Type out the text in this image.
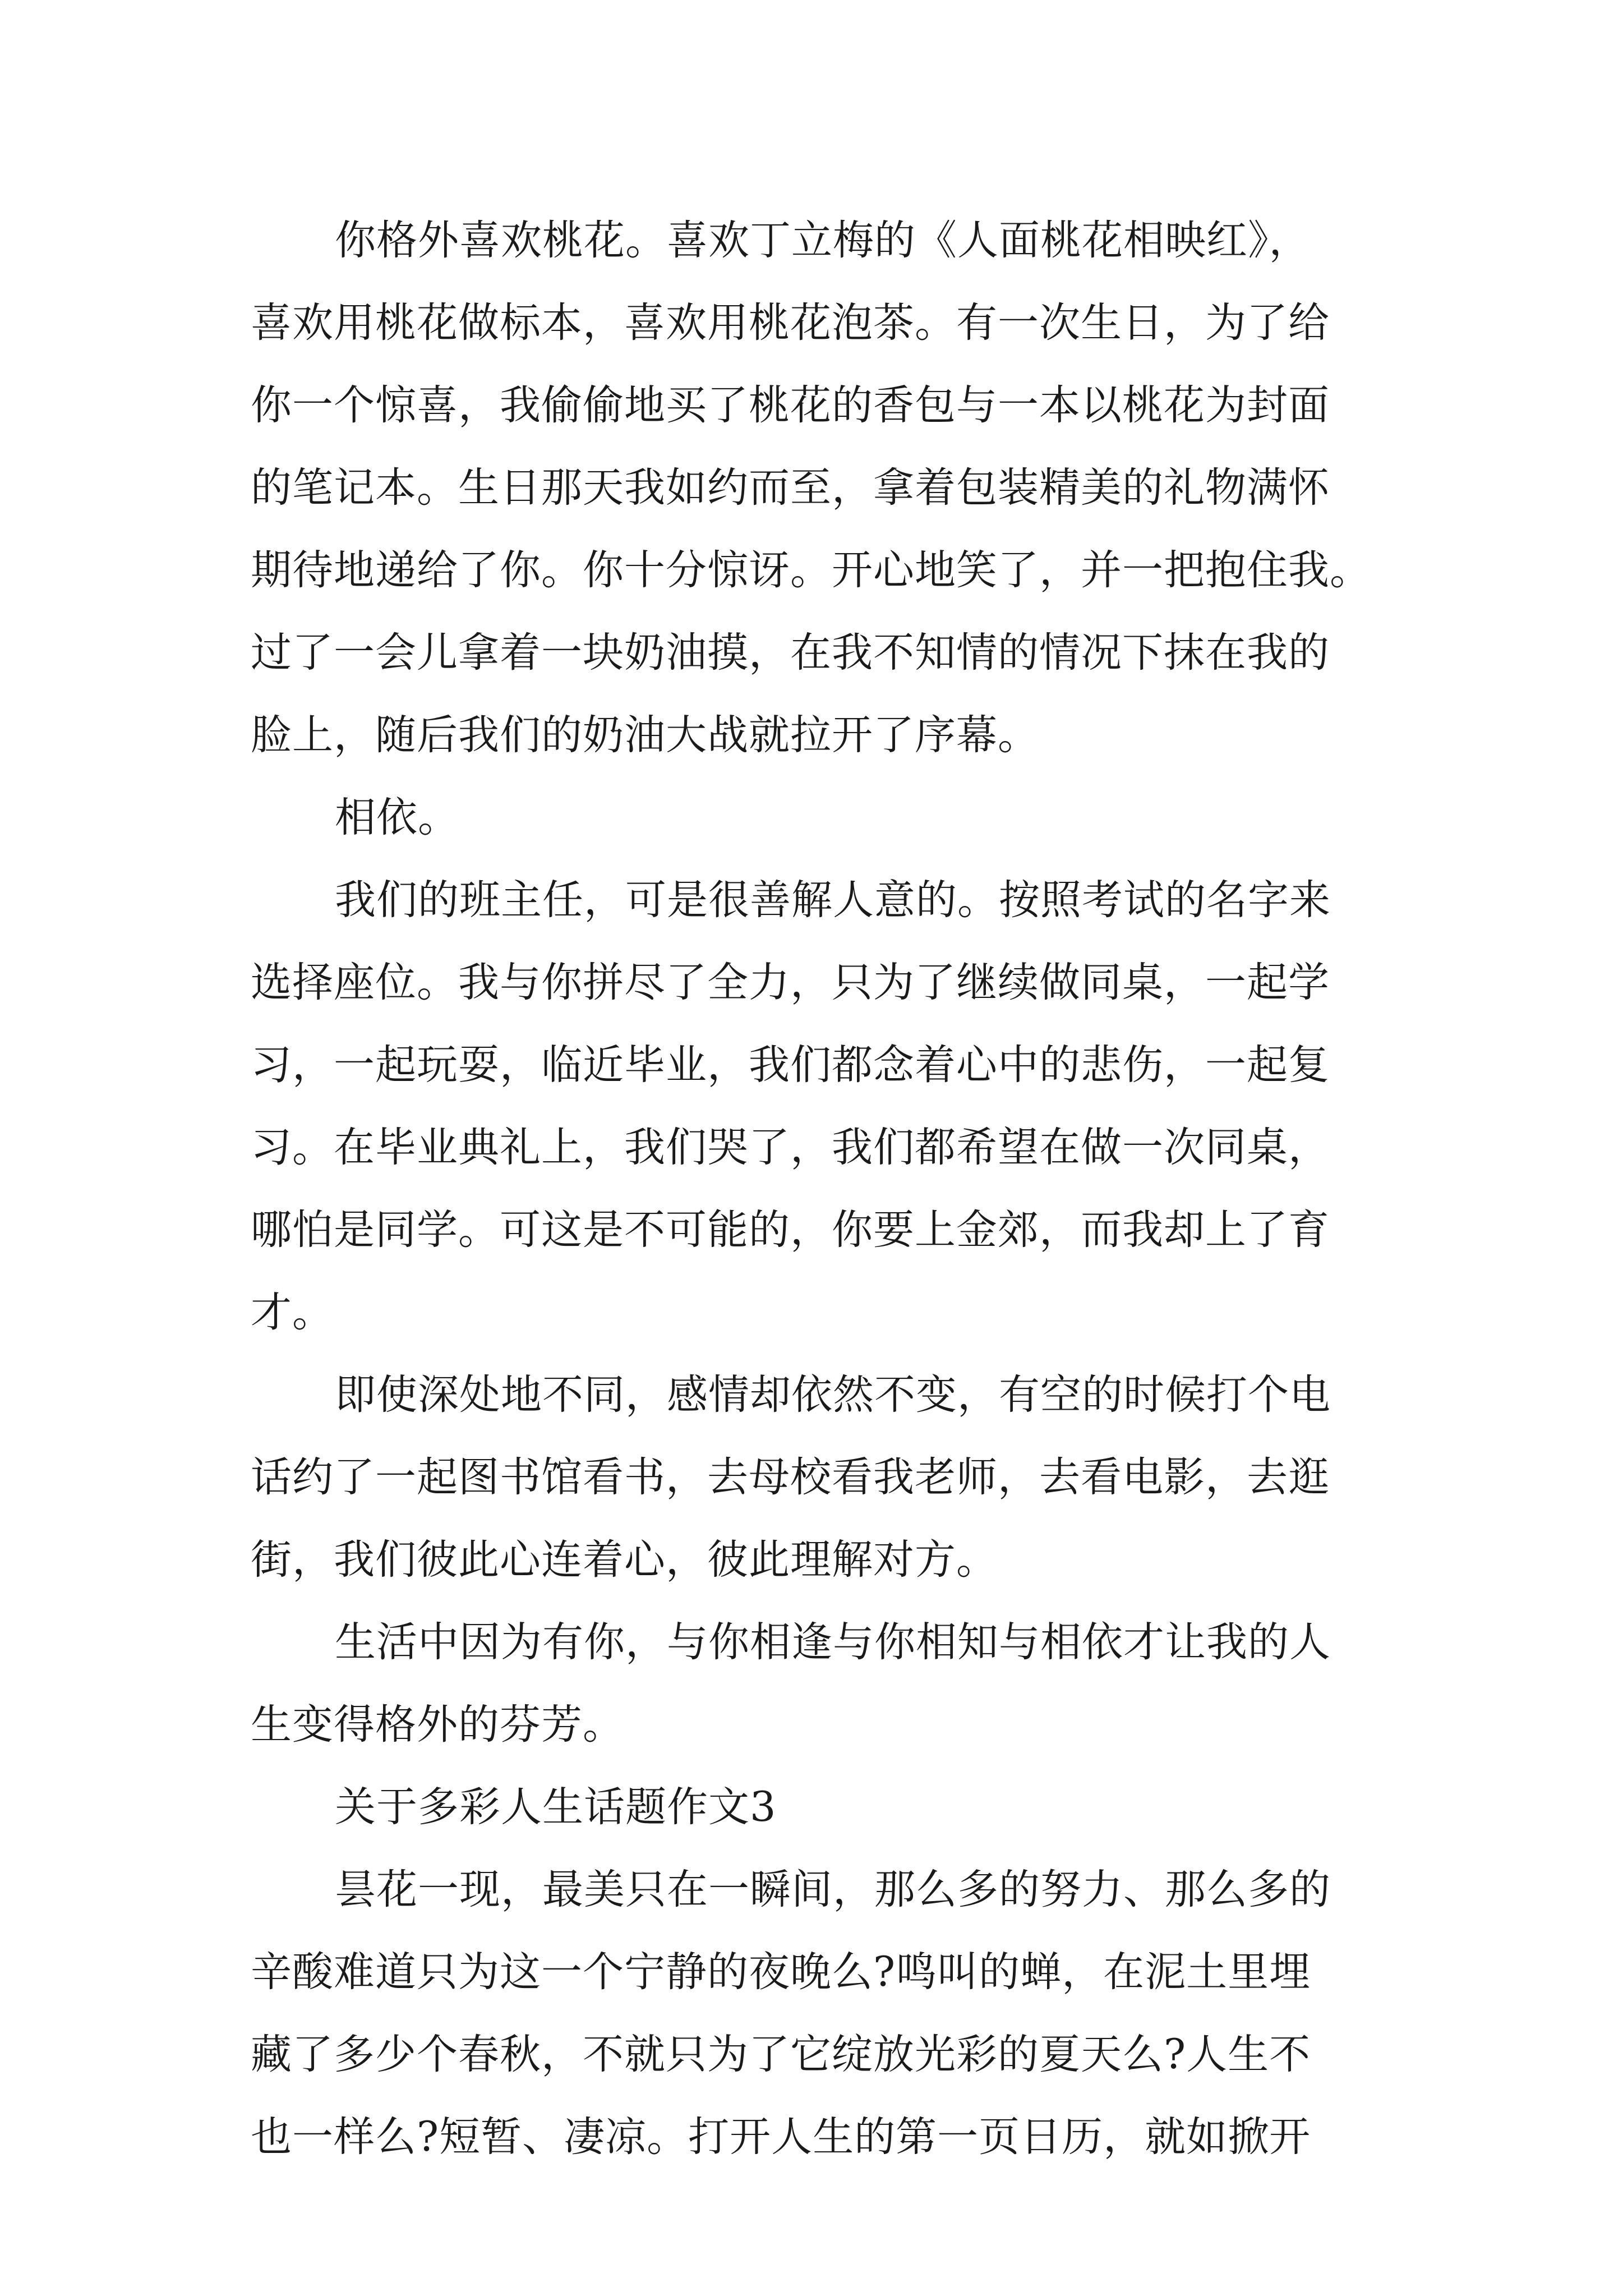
你格外喜欢桃花。喜欢丁立梅的《人面桃花相映红》，
喜欢用桃花做标本，喜欢用桃花泡茶。有一次生日，为了给
你一个惊喜，我偷偷地买了桃花的香包与一本以桃花为封面
的笔记本。生日那天我如约而至，拿着包装精美的礼物满怀
期待地递给了你。你十分惊讶。开心地笑了，并一把抱住我。
过了一会儿拿着一块奶油摸，在我不知情的情况下抹在我的
脸上，随后我们的奶油大战就拉开了序幕。
相依。
我们的班主任，可是很善解人意的。按照考试的名字来
选择座位。我与你拼尽了全力，只为了继续做同桌，一起学
习，一起玩耍，临近毕业，我们都念着心中的悲伤，一起复
习。在毕业典礼上，我们哭了，我们都希望在做一次同桌，
哪怕是同学。可这是不可能的，你要上金郊，而我却上了育
才。
即使深处地不同，感情却依然不变，有空的时候打个电
话约了一起图书馆看书，去母校看我老师，去看电影，去逛
街，我们彼此心连着心，彼此理解对方。
生活中因为有你，与你相逢与你相知与相依才让我的人
生变得格外的芬芳。
关于多彩人生话题作文3
昙花一现，最美只在一瞬间，那么多的努力、那么多的
辛酸难道只为这一个宁静的夜晚么?鸣叫的蝉，在泥土里埋
藏了多少个春秋，不就只为了它绽放光彩的夏天么?人生不
也一样么?短暂、凄凉。打开人生的第一页日历，就如掀开
